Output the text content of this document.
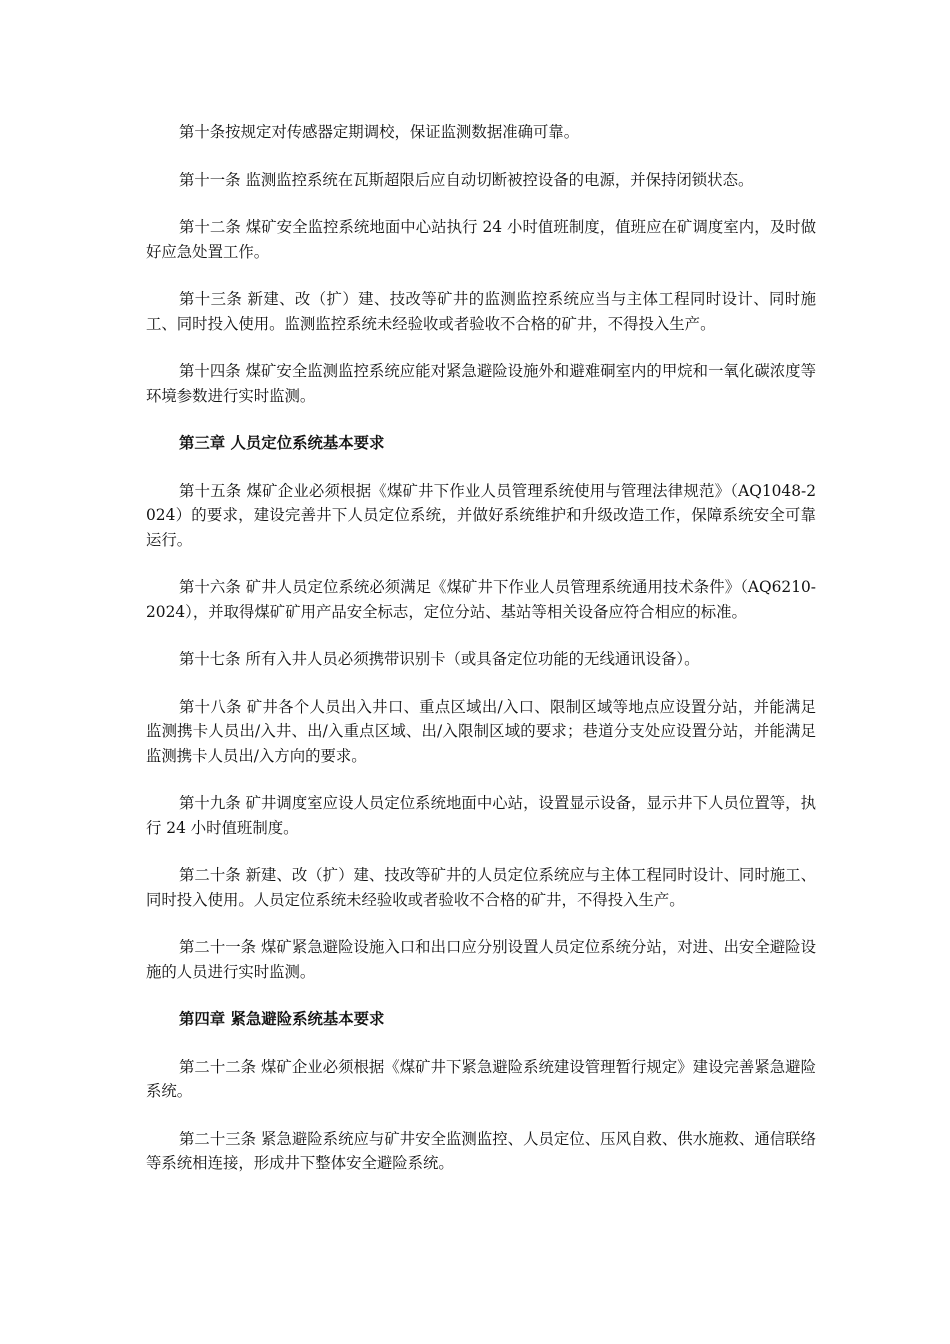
第十条按规定对传感器定期调校，保证监测数据准确可靠。

第十一条 监测监控系统在瓦斯超限后应自动切断被控设备的电源，并保持闭锁状态。

第十二条 煤矿安全监控系统地面中心站执行 24 小时值班制度，值班应在矿调度室内，及时做好应急处置工作。

第十三条 新建、改（扩）建、技改等矿井的监测监控系统应当与主体工程同时设计、同时施工、同时投入使用。监测监控系统未经验收或者验收不合格的矿井，不得投入生产。

第十四条 煤矿安全监测监控系统应能对紧急避险设施外和避难硐室内的甲烷和一氧化碳浓度等环境参数进行实时监测。

第三章 人员定位系统基本要求

第十五条 煤矿企业必须根据《煤矿井下作业人员管理系统使用与管理法律规范》（AQ1048-2024）的要求，建设完善井下人员定位系统，并做好系统维护和升级改造工作，保障系统安全可靠运行。

第十六条 矿井人员定位系统必须满足《煤矿井下作业人员管理系统通用技术条件》（AQ6210-2024），并取得煤矿矿用产品安全标志，定位分站、基站等相关设备应符合相应的标准。

第十七条 所有入井人员必须携带识别卡（或具备定位功能的无线通讯设备）。

第十八条 矿井各个人员出入井口、重点区域出/入口、限制区域等地点应设置分站，并能满足监测携卡人员出/入井、出/入重点区域、出/入限制区域的要求；巷道分支处应设置分站，并能满足监测携卡人员出/入方向的要求。

第十九条 矿井调度室应设人员定位系统地面中心站，设置显示设备，显示井下人员位置等，执行 24 小时值班制度。

第二十条 新建、改（扩）建、技改等矿井的人员定位系统应与主体工程同时设计、同时施工、同时投入使用。人员定位系统未经验收或者验收不合格的矿井，不得投入生产。

第二十一条 煤矿紧急避险设施入口和出口应分别设置人员定位系统分站，对进、出安全避险设施的人员进行实时监测。

第四章 紧急避险系统基本要求

第二十二条 煤矿企业必须根据《煤矿井下紧急避险系统建设管理暂行规定》建设完善紧急避险系统。

第二十三条 紧急避险系统应与矿井安全监测监控、人员定位、压风自救、供水施救、通信联络等系统相连接，形成井下整体安全避险系统。
